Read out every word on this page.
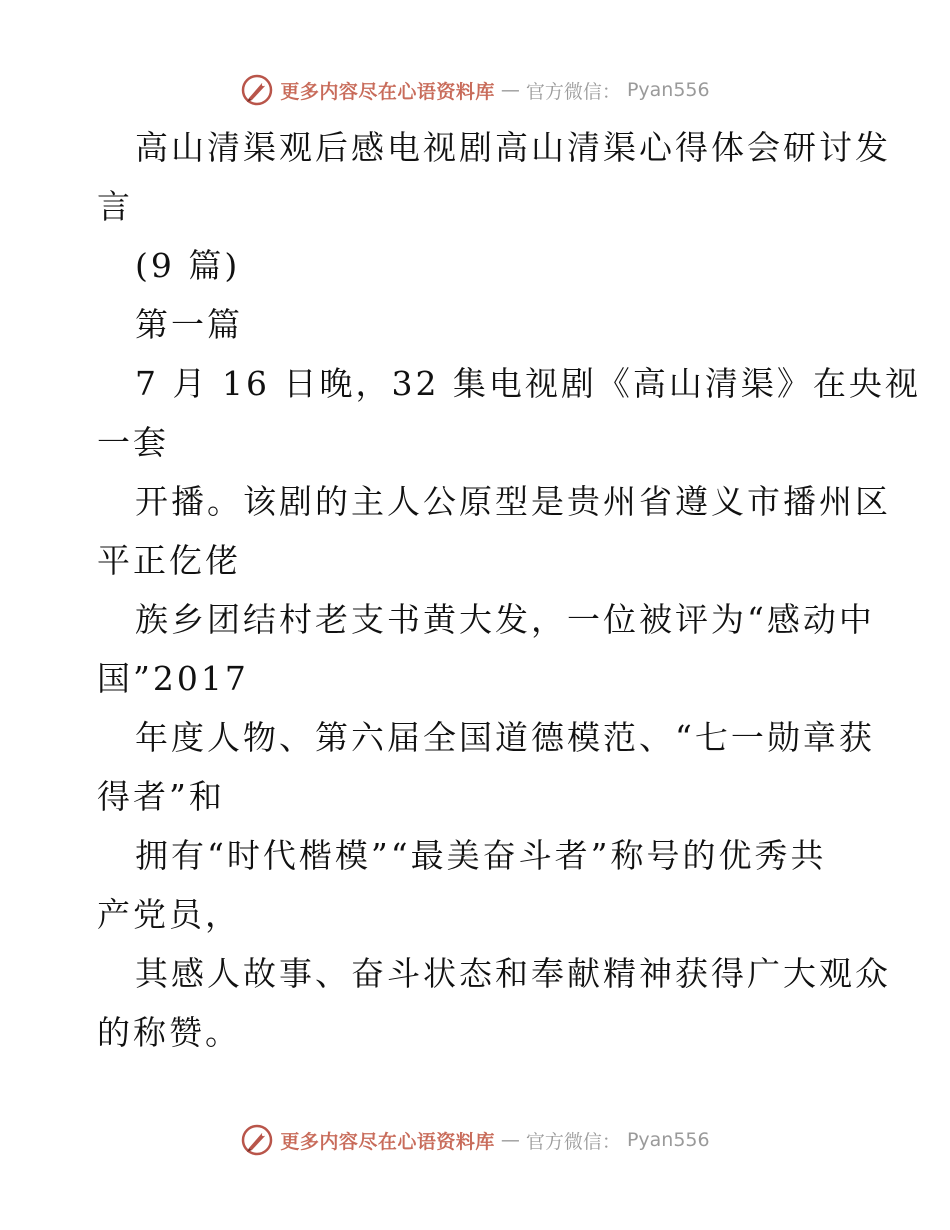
更多内容尽在心语资料库 — 官方微信： Pyan556
高山清渠观后感电视剧高山清渠心得体会研讨发
言
(9 篇)
第一篇
7 月 16 日晚，32 集电视剧《高山清渠》在央视
一套
开播。该剧的主人公原型是贵州省遵义市播州区
平正仡佬
族乡团结村老支书黄大发，一位被评为“感动中
国”2017
年度人物、第六届全国道德模范、“七一勋章获
得者”和
拥有“时代楷模”“最美奋斗者”称号的优秀共
产党员，
其感人故事、奋斗状态和奉献精神获得广大观众
的称赞。
更多内容尽在心语资料库 — 官方微信： Pyan556
